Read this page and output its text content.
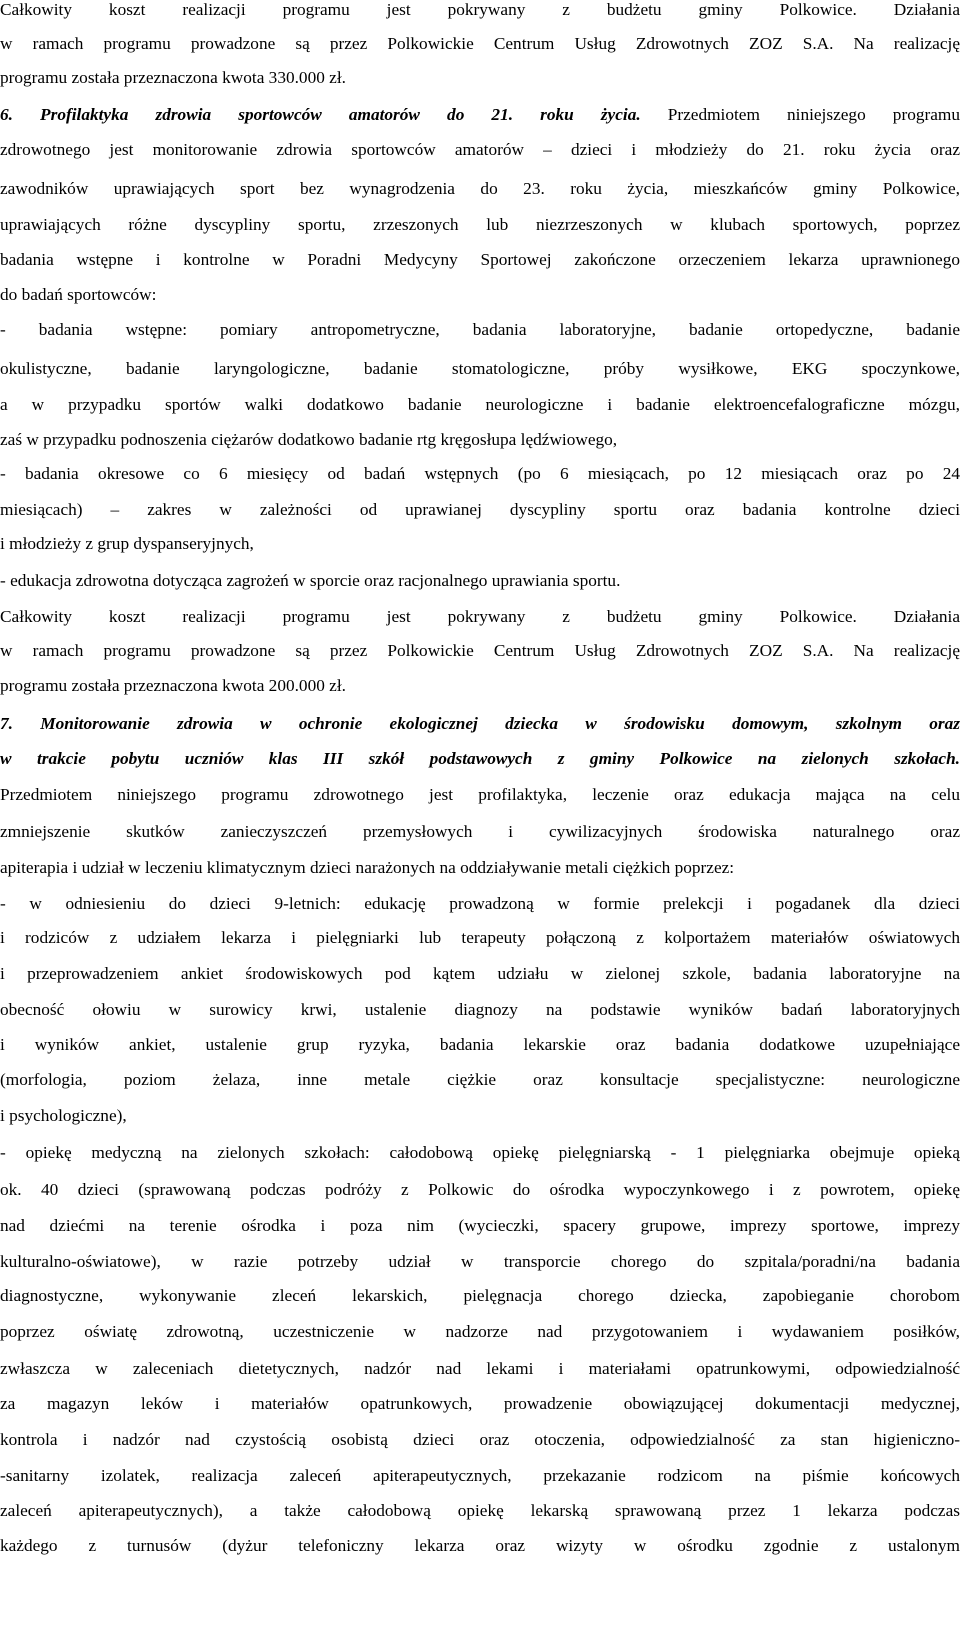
Całkowity koszt realizacji programu jest pokrywany z budżetu gminy Polkowice. Działania
w ramach programu prowadzone są przez Polkowickie Centrum Usług Zdrowotnych ZOZ S.A. Na realizację
programu została przeznaczona kwota 330.000 zł.
6. Profilaktyka zdrowia sportowców amatorów do 21. roku życia. Przedmiotem niniejszego programu
zdrowotnego jest monitorowanie zdrowia sportowców amatorów – dzieci i młodzieży do 21. roku życia oraz
zawodników uprawiających sport bez wynagrodzenia do 23. roku życia, mieszkańców gminy Polkowice,
uprawiających różne dyscypliny sportu, zrzeszonych lub niezrzeszonych w klubach sportowych, poprzez
badania wstępne i kontrolne w Poradni Medycyny Sportowej zakończone orzeczeniem lekarza uprawnionego
do badań sportowców:
- badania wstępne: pomiary antropometryczne, badania laboratoryjne, badanie ortopedyczne, badanie
okulistyczne, badanie laryngologiczne, badanie stomatologiczne, próby wysiłkowe, EKG spoczynkowe,
a w przypadku sportów walki dodatkowo badanie neurologiczne i badanie elektroencefalograficzne mózgu,
zaś w przypadku podnoszenia ciężarów dodatkowo badanie rtg kręgosłupa lędźwiowego,
- badania okresowe co 6 miesięcy od badań wstępnych (po 6 miesiącach, po 12 miesiącach oraz po 24
miesiącach) – zakres w zależności od uprawianej dyscypliny sportu oraz badania kontrolne dzieci
i młodzieży z grup dyspanseryjnych,
- edukacja zdrowotna dotycząca zagrożeń w sporcie oraz racjonalnego uprawiania sportu.
Całkowity koszt realizacji programu jest pokrywany z budżetu gminy Polkowice. Działania
w ramach programu prowadzone są przez Polkowickie Centrum Usług Zdrowotnych ZOZ S.A. Na realizację
programu została przeznaczona kwota 200.000 zł.
7. Monitorowanie zdrowia w ochronie ekologicznej dziecka w środowisku domowym, szkolnym oraz
w trakcie pobytu uczniów klas III szkół podstawowych z gminy Polkowice na zielonych szkołach.
Przedmiotem niniejszego programu zdrowotnego jest profilaktyka, leczenie oraz edukacja mająca na celu
zmniejszenie skutków zanieczyszczeń przemysłowych i cywilizacyjnych środowiska naturalnego oraz
apiterapia i udział w leczeniu klimatycznym dzieci narażonych na oddziaływanie metali ciężkich poprzez:
- w odniesieniu do dzieci 9-letnich: edukację prowadzoną w formie prelekcji i pogadanek dla dzieci
i rodziców z udziałem lekarza i pielęgniarki lub terapeuty połączoną z kolportażem materiałów oświatowych
i przeprowadzeniem ankiet środowiskowych pod kątem udziału w zielonej szkole, badania laboratoryjne na
obecność ołowiu w surowicy krwi, ustalenie diagnozy na podstawie wyników badań laboratoryjnych
i wyników ankiet, ustalenie grup ryzyka, badania lekarskie oraz badania dodatkowe uzupełniające
(morfologia, poziom żelaza, inne metale ciężkie oraz konsultacje specjalistyczne: neurologiczne
i psychologiczne),
- opiekę medyczną na zielonych szkołach: całodobową opiekę pielęgniarską - 1 pielęgniarka obejmuje opieką
ok. 40 dzieci (sprawowaną podczas podróży z Polkowic do ośrodka wypoczynkowego i z powrotem, opiekę
nad dziećmi na terenie ośrodka i poza nim (wycieczki, spacery grupowe, imprezy sportowe, imprezy
kulturalno-oświatowe), w razie potrzeby udział w transporcie chorego do szpitala/poradni/na badania
diagnostyczne, wykonywanie zleceń lekarskich, pielęgnacja chorego dziecka, zapobieganie chorobom
poprzez oświatę zdrowotną, uczestniczenie w nadzorze nad przygotowaniem i wydawaniem posiłków,
zwłaszcza w zaleceniach dietetycznych, nadzór nad lekami i materiałami opatrunkowymi, odpowiedzialność
za magazyn leków i materiałów opatrunkowych, prowadzenie obowiązującej dokumentacji medycznej,
kontrola i nadzór nad czystością osobistą dzieci oraz otoczenia, odpowiedzialność za stan higieniczno-
-sanitarny izolatek, realizacja zaleceń apiterapeutycznych, przekazanie rodzicom na piśmie końcowych
zaleceń apiterapeutycznych), a także całodobową opiekę lekarską sprawowaną przez 1 lekarza podczas
każdego z turnusów (dyżur telefoniczny lekarza oraz wizyty w ośrodku zgodnie z ustalonym
